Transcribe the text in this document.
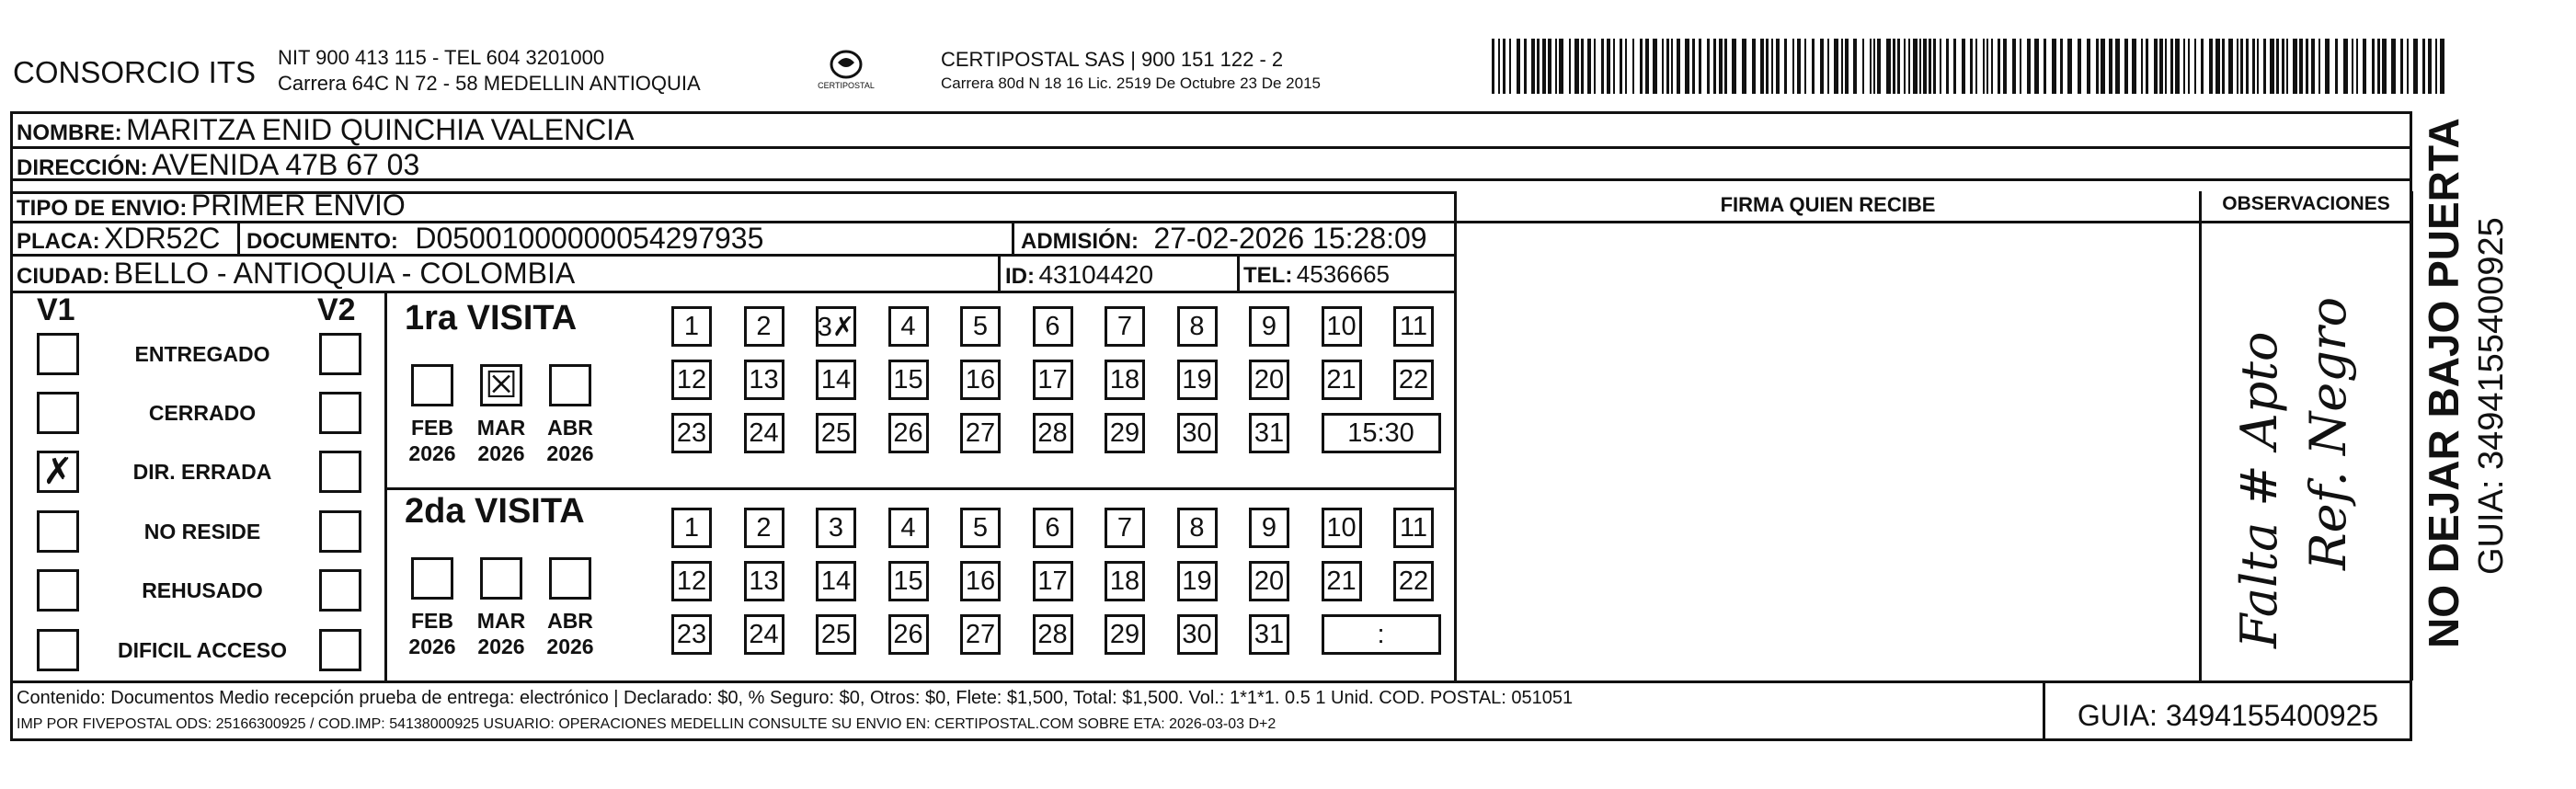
CONSORCIO ITS NIT 900 413 115 - TEL 604 3201000
Carrera 64C N 72 - 58 MEDELLIN ANTIOQUIA	CERTIPOSTAL
CERTIPOSTAL SAS | 900 151 122 - 2
Carrera 80d N 18 16 Lic. 2519 De Octubre 23 De 2015
NOMBRE: MARITZA ENID QUINCHIA VALENCIA
DIRECCIÓN: AVENIDA 47B 67 03
TIPO DE ENVIO: PRIMER ENVIO
PLACA: XDR52C DOCUMENTO: D05001000000054297935	ADMISIÓN: 27-02-2026 15:28:09
CIUDAD: BELLO - ANTIOQUIA - COLOMBIA	ID: 43104420	TEL: 4536665
FIRMA QUIEN RECIBE	OBSERVACIONES
V1	V2
ENTREGADO
CERRADO
✗	DIR. ERRADA
NO RESIDE
REHUSADO
DIFICIL ACCESO
1ra VISITA
FEB
2026
☒
MAR
2026
ABR
2026
1	2	3✗	4	5	6	7	8	9	10 11
12 13 14 15 16 17 18 19 20 21 22
23 24 25 26 27 28 29 30 31	15:30
2da VISITA
FEB
2026
MAR
2026
ABR
2026
1	2	3	4	5	6	7	8	9	10 11
12 13 14 15 16 17 18 19 20 21 22
23 24 25 26 27 28 29 30 31	:	Falta # Apto Ref. Negro NO DEJAR BAJO PUERTA GUIA: 3494155400925
Contenido: Documentos Medio recepción prueba de entrega: electrónico | Declarado: $0, % Seguro: $0, Otros: $0, Flete: $1,500, Total: $1,500. Vol.: 1*1*1. 0.5 1 Unid. COD. POSTAL: 051051
IMP POR FIVEPOSTAL ODS: 25166300925 / COD.IMP: 54138000925 USUARIO: OPERACIONES MEDELLIN CONSULTE SU ENVIO EN: CERTIPOSTAL.COM SOBRE ETA: 2026-03-03 D+2	GUIA: 3494155400925
